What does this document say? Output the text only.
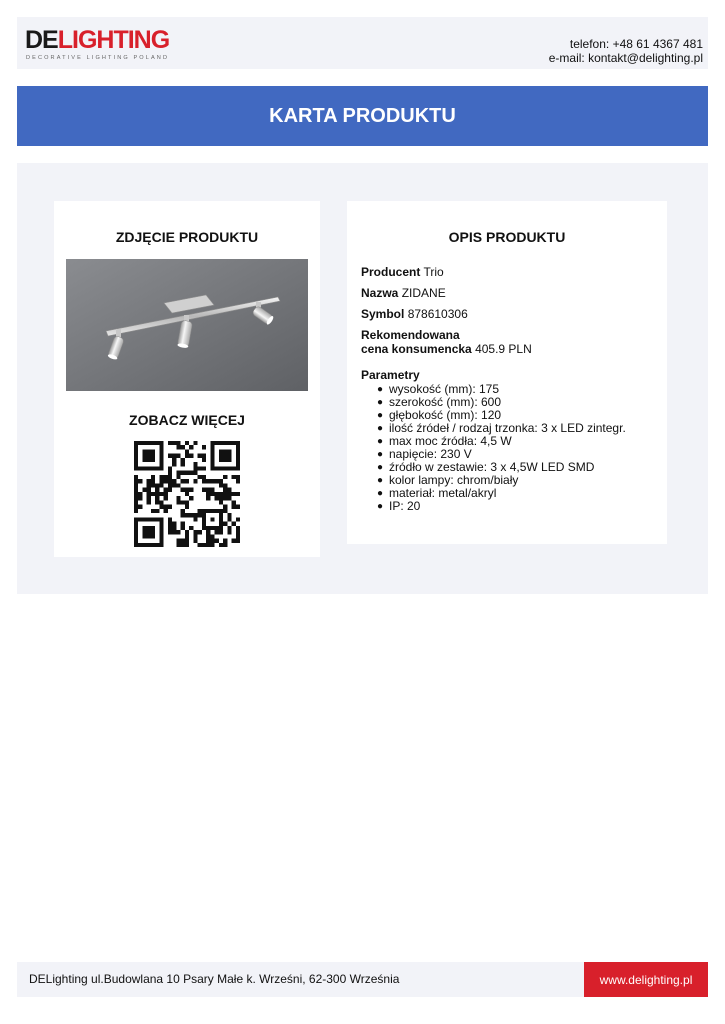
DELIGHTING
DECORATIVE LIGHTING POLAND
telefon: +48 61 4367 481
e-mail: kontakt@delighting.pl
KARTA PRODUKTU
ZDJĘCIE PRODUKTU
ZOBACZ WIĘCEJ
OPIS PRODUKTU
Producent Trio
Nazwa ZIDANE
Symbol 878610306
Rekomendowana
cena konsumencka 405.9 PLN
Parametry
● wysokość (mm): 175
● szerokość (mm): 600
● głębokość (mm): 120
● ilość źródeł / rodzaj trzonka: 3 x LED zintegr.
● max moc źródła: 4,5 W
● napięcie: 230 V
● źródło w zestawie: 3 x 4,5W LED SMD
● kolor lampy: chrom/biały
● materiał: metal/akryl
● IP: 20
DELighting ul.Budowlana 10 Psary Małe k. Wrześni, 62-300 Września	www.delighting.pl
